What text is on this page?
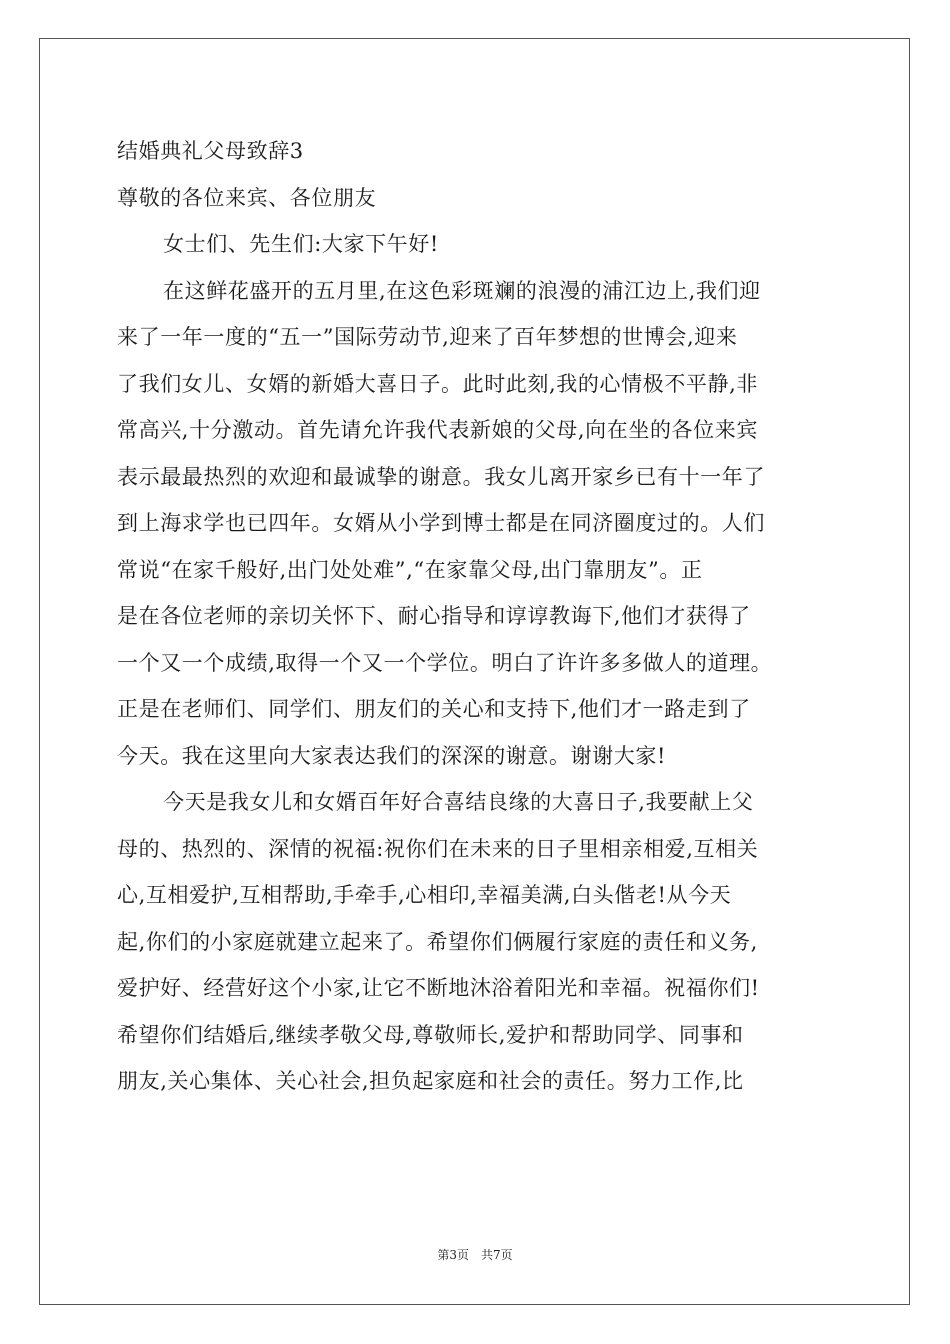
结婚典礼父母致辞3
尊敬的各位来宾、各位朋友
女士们、先生们:大家下午好!
在这鲜花盛开的五月里,在这色彩斑斓的浪漫的浦江边上,我们迎
来了一年一度的“五一”国际劳动节,迎来了百年梦想的世博会,迎来
了我们女儿、女婿的新婚大喜日子。此时此刻,我的心情极不平静,非
常高兴,十分激动。首先请允许我代表新娘的父母,向在坐的各位来宾
表示最最热烈的欢迎和最诚挚的谢意。我女儿离开家乡已有十一年了
到上海求学也已四年。女婿从小学到博士都是在同济圈度过的。人们
常说“在家千般好,出门处处难”,“在家靠父母,出门靠朋友”。正
是在各位老师的亲切关怀下、耐心指导和谆谆教诲下,他们才获得了
一个又一个成绩,取得一个又一个学位。明白了许许多多做人的道理。
正是在老师们、同学们、朋友们的关心和支持下,他们才一路走到了
今天。我在这里向大家表达我们的深深的谢意。谢谢大家!
今天是我女儿和女婿百年好合喜结良缘的大喜日子,我要献上父
母的、热烈的、深情的祝福:祝你们在未来的日子里相亲相爱,互相关
心,互相爱护,互相帮助,手牵手,心相印,幸福美满,白头偕老!从今天
起,你们的小家庭就建立起来了。希望你们俩履行家庭的责任和义务,
爱护好、经营好这个小家,让它不断地沐浴着阳光和幸福。祝福你们!
希望你们结婚后,继续孝敬父母,尊敬师长,爱护和帮助同学、同事和
朋友,关心集体、关心社会,担负起家庭和社会的责任。努力工作,比
第3页　共7页
